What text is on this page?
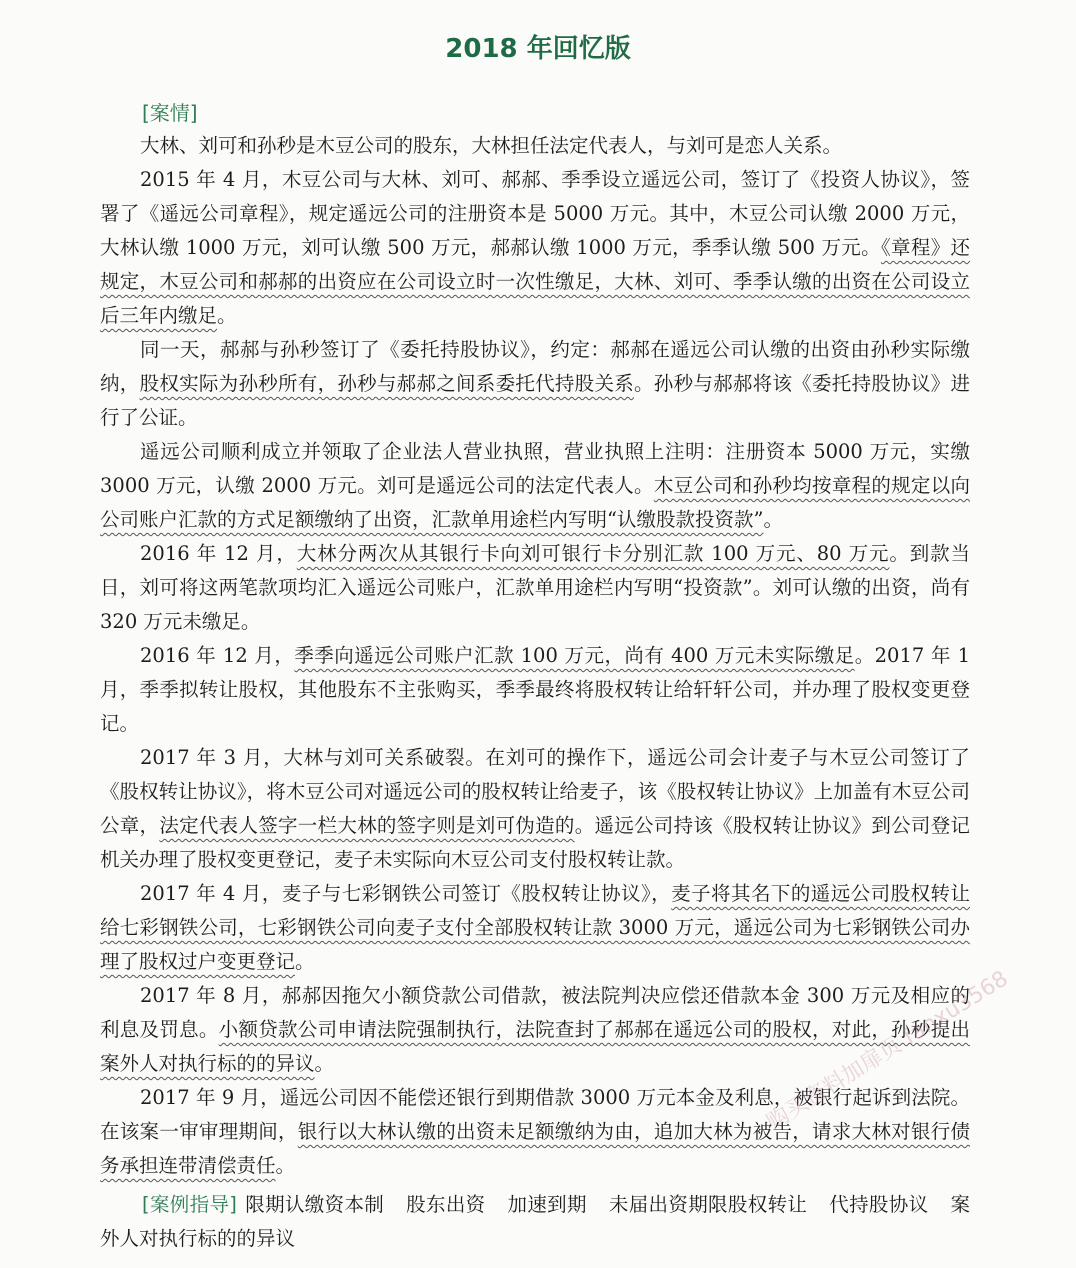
2018 年回忆版
[案情]

大林、刘可和孙秒是木豆公司的股东，大林担任法定代表人，与刘可是恋人关系。

2015 年 4 月，木豆公司与大林、刘可、郝郝、季季设立遥远公司，签订了《投资人协议》，签署了《遥远公司章程》，规定遥远公司的注册资本是 5000 万元。其中，木豆公司认缴 2000 万元，大林认缴 1000 万元，刘可认缴 500 万元，郝郝认缴 1000 万元，季季认缴 500 万元。《章程》还规定，木豆公司和郝郝的出资应在公司设立时一次性缴足，大林、刘可、季季认缴的出资在公司设立后三年内缴足。

同一天，郝郝与孙秒签订了《委托持股协议》，约定：郝郝在遥远公司认缴的出资由孙秒实际缴纳，股权实际为孙秒所有，孙秒与郝郝之间系委托代持股关系。孙秒与郝郝将该《委托持股协议》进行了公证。

遥远公司顺利成立并领取了企业法人营业执照，营业执照上注明：注册资本 5000 万元，实缴 3000 万元，认缴 2000 万元。刘可是遥远公司的法定代表人。木豆公司和孙秒均按章程的规定以向公司账户汇款的方式足额缴纳了出资，汇款单用途栏内写明“认缴股款投资款”。

2016 年 12 月，大林分两次从其银行卡向刘可银行卡分别汇款 100 万元、80 万元。到款当日，刘可将这两笔款项均汇入遥远公司账户，汇款单用途栏内写明“投资款”。刘可认缴的出资，尚有 320 万元未缴足。

2016 年 12 月，季季向遥远公司账户汇款 100 万元，尚有 400 万元未实际缴足。2017 年 1 月，季季拟转让股权，其他股东不主张购买，季季最终将股权转让给轩轩公司，并办理了股权变更登记。

2017 年 3 月，大林与刘可关系破裂。在刘可的操作下，遥远公司会计麦子与木豆公司签订了《股权转让协议》，将木豆公司对遥远公司的股权转让给麦子，该《股权转让协议》上加盖有木豆公司公章，法定代表人签字一栏大林的签字则是刘可伪造的。遥远公司持该《股权转让协议》到公司登记机关办理了股权变更登记，麦子未实际向木豆公司支付股权转让款。

2017 年 4 月，麦子与七彩钢铁公司签订《股权转让协议》，麦子将其名下的遥远公司股权转让给七彩钢铁公司，七彩钢铁公司向麦子支付全部股权转让款 3000 万元，遥远公司为七彩钢铁公司办理了股权过户变更登记。

2017 年 8 月，郝郝因拖欠小额贷款公司借款，被法院判决应偿还借款本金 300 万元及相应的利息及罚息。小额贷款公司申请法院强制执行，法院查封了郝郝在遥远公司的股权，对此，孙秒提出案外人对执行标的的异议。

2017 年 9 月，遥远公司因不能偿还银行到期借款 3000 万元本金及利息，被银行起诉到法院。在该案一审审理期间，银行以大林认缴的出资未足额缴纳为由，追加大林为被告，请求大林对银行债务承担连带清偿责任。

[案例指导] 限期认缴资本制 股东出资 加速到期 未届出资期限股权转让 代持股协议 案外人对执行标的的异议
购买资料加扉页 fanxu3568
